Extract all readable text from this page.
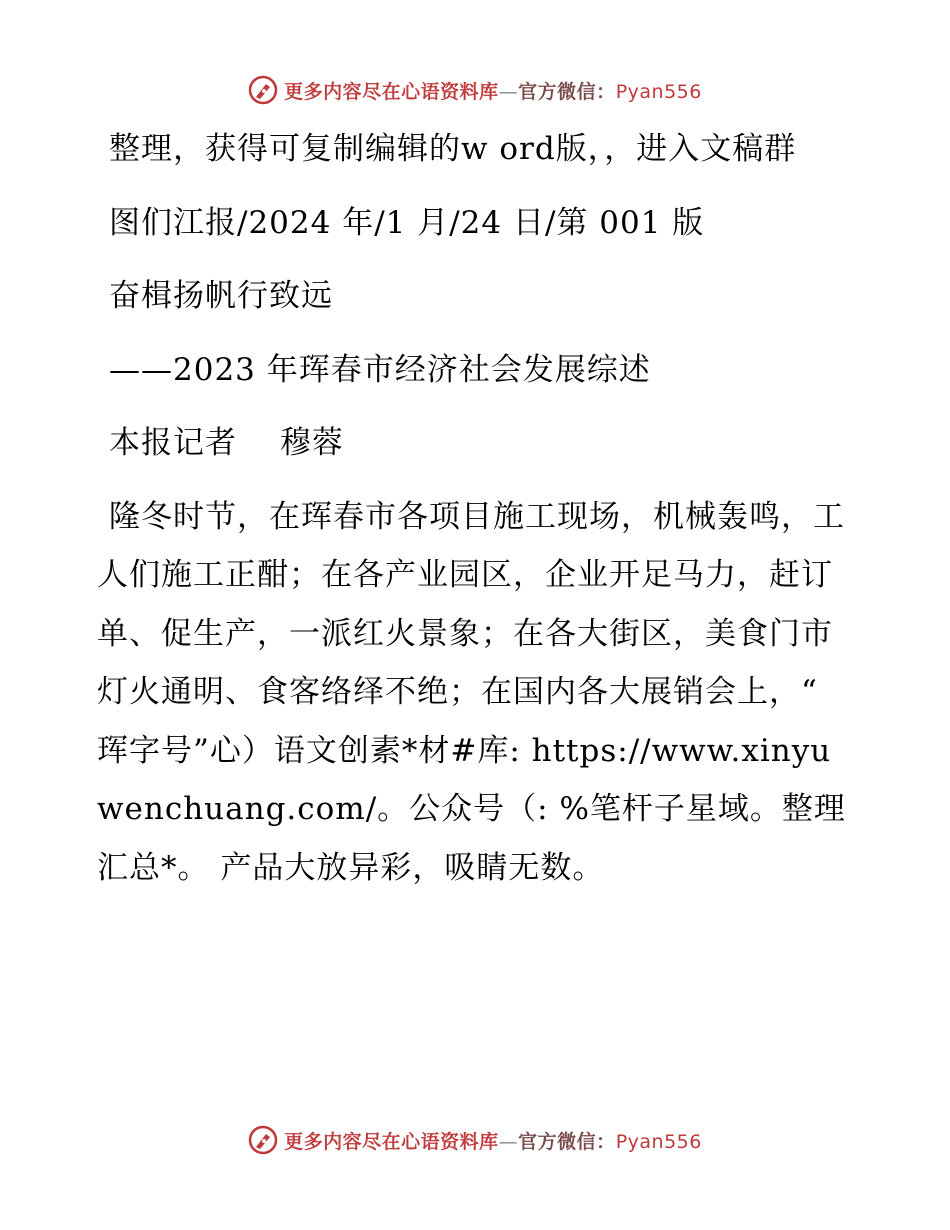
更多内容尽在心语资料库—官方微信：Pyan556

整理，获得可复制编辑的w ord版，，进入文稿群

图们江报/2024 年/1 月/24 日/第 001 版

奋楫扬帆行致远

——2023 年珲春市经济社会发展综述

本报记者　 穆蓉

隆冬时节，在珲春市各项目施工现场，机械轰鸣，工人们施工正酣；在各产业园区，企业开足马力，赶订单、促生产，一派红火景象；在各大街区，美食门市灯火通明、食客络绎不绝；在国内各大展销会上，“ 珲字号”心）语文创素*材#库: https://www.xinyuwenchuang.com/。公众号（: %笔杆子星域。整理汇总*。 产品大放异彩，吸睛无数。

更多内容尽在心语资料库—官方微信：Pyan556
